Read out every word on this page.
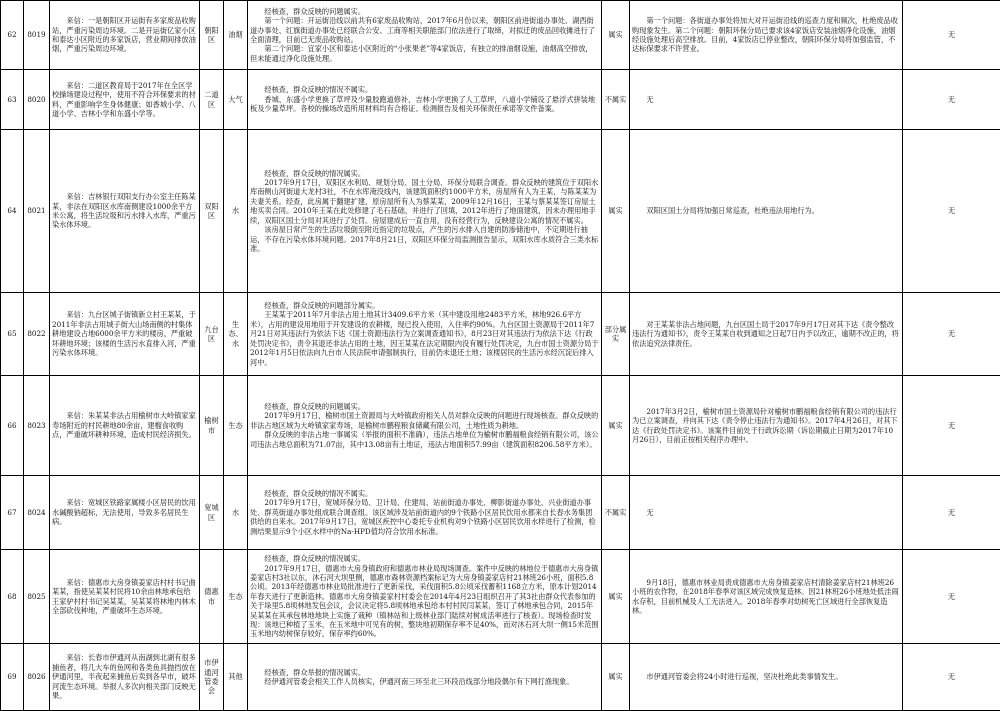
62	8019	来信：一是朝阳区开运街有多家废品收购站，严重污染周边环境。二是开运街亿家小区和泰达小区附近的多家饭店，营业期间排放油烟，严重污染周边环境。	朝阳区	油烟	经核查，群众反映的问题属实。

第一个问题：开运街沿线以前共有6家废品收购站，2017年6月份以来，朝阳区前进街道办事处、湖西街道办事处、红旗街道办事处已经联合公安、工商等相关职能部门依法进行了取缔，对拟迁的废品回收摊进行了全面清理，目前已无废品收购站。

第二个问题：宜家小区和泰达小区附近的“小张果老”等4家饭店，有独立的排油烟设施，油烟高空排放，但未能通过净化设施处理。	属实	第一个问题：各街道办事处将加大对开运街沿线的巡查力度和频次，杜绝废品收购现象发生。第二个问题：朝阳环保分局已要求该4家饭店安装油烟净化设施，油烟经设施处理后高空排放。目前，4家饭店已停业整改，朝阳环保分局将加强监管，不达标保要求不许营业。	无
63	8020	来信：二道区教育局于2017年在全区学校操场建设过程中，使用不符合环保要求的材料，严重影响学生身体健康；如香城小学、八道小学、吉林小学和东盛小学等。	二道区	大气	经核查，群众反映的情况不属实。

香城、东盛小学更换了草坪及少量胶跑道修补，吉林小学更换了人工草坪，八道小学铺设了悬浮式拼装地板及少量草坪。各校的操场改造所用材料均有合格证、检测报告及相关环保责任承诺等文件备案。	不属实	无	无
64	8021	来信：吉林银行双阳支行办公室主任陈某某，非法在双阳区水库南侧建设1000余平方米公寓，将生活垃圾和污水排入水库，严重污染水体环境。	双阳区	水	经核查，群众反映的情况属实。

2017年9月17日，双阳区水利局、规划分局、国土分局、环保分局联合调查。群众反映的建筑位于双阳水库南侧山河街道大龙村3社，不在水库淹没线内，该建筑面积约1000平方米，房屋所有人为王某，与陈某某为夫妻关系。经查，此房属于翻建扩建，原房屋所有人为蔡某某，2009年12月16日，王某与蔡某某签订房屋土地买卖合同。2010年王某在此处修建了毛石基础，并进行了回填，2012年进行了地面建筑，因未办理用地手续，双阳区国土分局对其进行了处罚。房屋建成后一直自用，没有经营行为，反映建设公寓的情况不属实。

该房屋日常产生的生活垃圾倒至附近指定的垃圾点，产生的污水排入自建的防渗储池中，不定期进行抽运，不存在污染水体环境问题。2017年8月21日，双阳区环保分局监测报告显示，双阳水库水质符合三类水标准。	属实	双阳区国土分局将加强日常巡查，杜绝违法用地行为。	无
65	8022	来信：九台区城子街镇新立村王某某，于2011年非法占用城子街大山场南侧的村集体耕地建设占地6000余平方米的楼房，严重破坏耕地环境；该楼的生活污水直排入河，严重污染水体环境。	九台区	生态、水	经核查，群众反映的问题部分属实。

王某某于2011年7月非法占用土地其计3409.6平方米（其中建设用地2483平方米，林地926.6平方米），占用的建设用地用于开发建设的农耕楼，现已投入使用，入住率约90%。九台区国土资源局于2011年7月21日对其违法行为依法下达《国土资源违法行为立案调查通知书》，8月23日对其违法行为依法下达《行政处罚决定书》，责令其退还非法占用的土地，因王某某在法定期限内没有履行处罚决定，九台市国土资源分局于2012年1月5日依法向九台市人民法院申请强制执行，目前仍未退还土地；该楼居民的生活污水经沉淀后排入河中。	部分属实	对王某某非法占地问题，九台区国土局于2017年9月17日对其下达《责令整改违法行为通知书》，责令王某某自收到通知之日起7日内予以改正，逾期不改正的，将依法追究法律责任。	无
66	8023	来信：朱某某非法占用榆树市大岭镇家家寿场附近的村民耕地80余亩，建榴食收购点，严重破坏耕种环境，造成村民经济损失。	榆树市	生态	经核查，群众反映的问题属实。

2017年9月17日，榆树市国土资源局与大岭镇政府相关人员对群众反映的问题进行现场核查。群众反映的非法占地区域为大岭镇家家寿场，是榆树市鹏程粮食储藏有限公司，土地性质为耕地。

群众反映的非法占地一事属实（举报的面积不准确），违法占地单位为榆树市鹏福粮食经销有限公司，该公司违法占地总面积为71.07亩，其中13.08亩有土地证，违法占地面积57.99亩（建筑面积8206.58平方米）。	属实	2017年3月2日，榆树市国土资源局针对榆树市鹏福粮食经销有限公司的违法行为已立案调查，并向其下达《责令停止违法行为通知书》。2017年4月26日，对其下达《行政处罚决定书》。该案件目前处于行政诉讼期（诉讼期截止日期为2017年10月26日），目前正按相关程序办理中。	无
67	8024	来信：宽城区铁路家属楼小区居民的饮用水碱酸钠超标，无法使用，导致多名居民生病。	宽城区	水	经核查，群众反映的情况不属实。

2017年9月17日，宽城环保分局、卫计局、住建局、站前街道办事处、柳影街道办事处、兴业街道办事处、群英街道办事处组成联合调查组。该区域涉及站前街道内的9个铁路小区居民饮用水都来自长春水务集团供给的自来水。2017年9月17日，宽城区疾控中心委托专业机构对9个铁路小区居民饮用水样进行了检测，检测结果显示9个小区水样中的Na-HPD值均符合饮用水标准。	不属实	无	无
68	8025	来信：德惠市大房身镇姜家店村村书记曲某某，指使吴某某村民将10余亩林地承包给王家驴村村书记吴某某，吴某某将林地内林木全部砍伐种地，严重破坏生态环境。	德惠市	生态	经核查，群众反映的情况属实。

2017年9月17日，德惠市大房身镇政府和德惠市林业局现场调查。案件中反映的林地位于德惠市大房身镇姜家店村3社以东，沐石河大坝里侧，德惠市森林资源档案标记为大房身镇姜家店村21林班26小班，面积5.8公顷。2013年经德惠市林业局批准进行了更新采伐，采伐面积5.8公顷采伐蓄积1168立方米，原本计划2014年春天进行了更新造林。德惠市大房身镇姜家村村委会在2014年4月23日组织召开了其3社由群众代表参加的关于垛里5.8顷林地发包会议，会议决定将5.8顷林地承包给本村村民闫某某，签订了林地承包合同，2015年吴某某在其承包林地地块上实施了栽种（镇林站和上级林业部门陆续对树成活率进行了核查）。现场检查时发现：该地已种植了玉米，在玉米地中可见有的树，整块地初期保存率不足40%，而对沐石河大坝一侧15米范围玉米地内幼树保存较好，保存率约60%。	属实	9月18日，德惠市林业局责成德惠市大房身镇姜家店村清除姜家店村21林班26小班的农作物，在2018年春季对该区域完成恢复造林。因21林班26小班地处低洼闹水存积，目前机械及人工无法进入。2018年春季对幼树死亡区域进行全部恢复造林。	无
69	8026	来信：长春市伊通河从南湖到北湖有很多捕鱼者，将几大车的鱼网和各类鱼具抛挡放在伊通河里，半夜起来捕鱼后卖到各早市，破坏河流生态环境。举报人多次向相关部门反映无果。	市伊通河管委会	其他	经核查，群众举报的情况属实。

经伊通河管委会相关工作人员核实，伊通河南三环至北三环段沿线部分地段偶尔有下网打渔现象。	属实	市伊通河管委会将24小时进行巡视，坚决杜绝此类事情发生。	无
